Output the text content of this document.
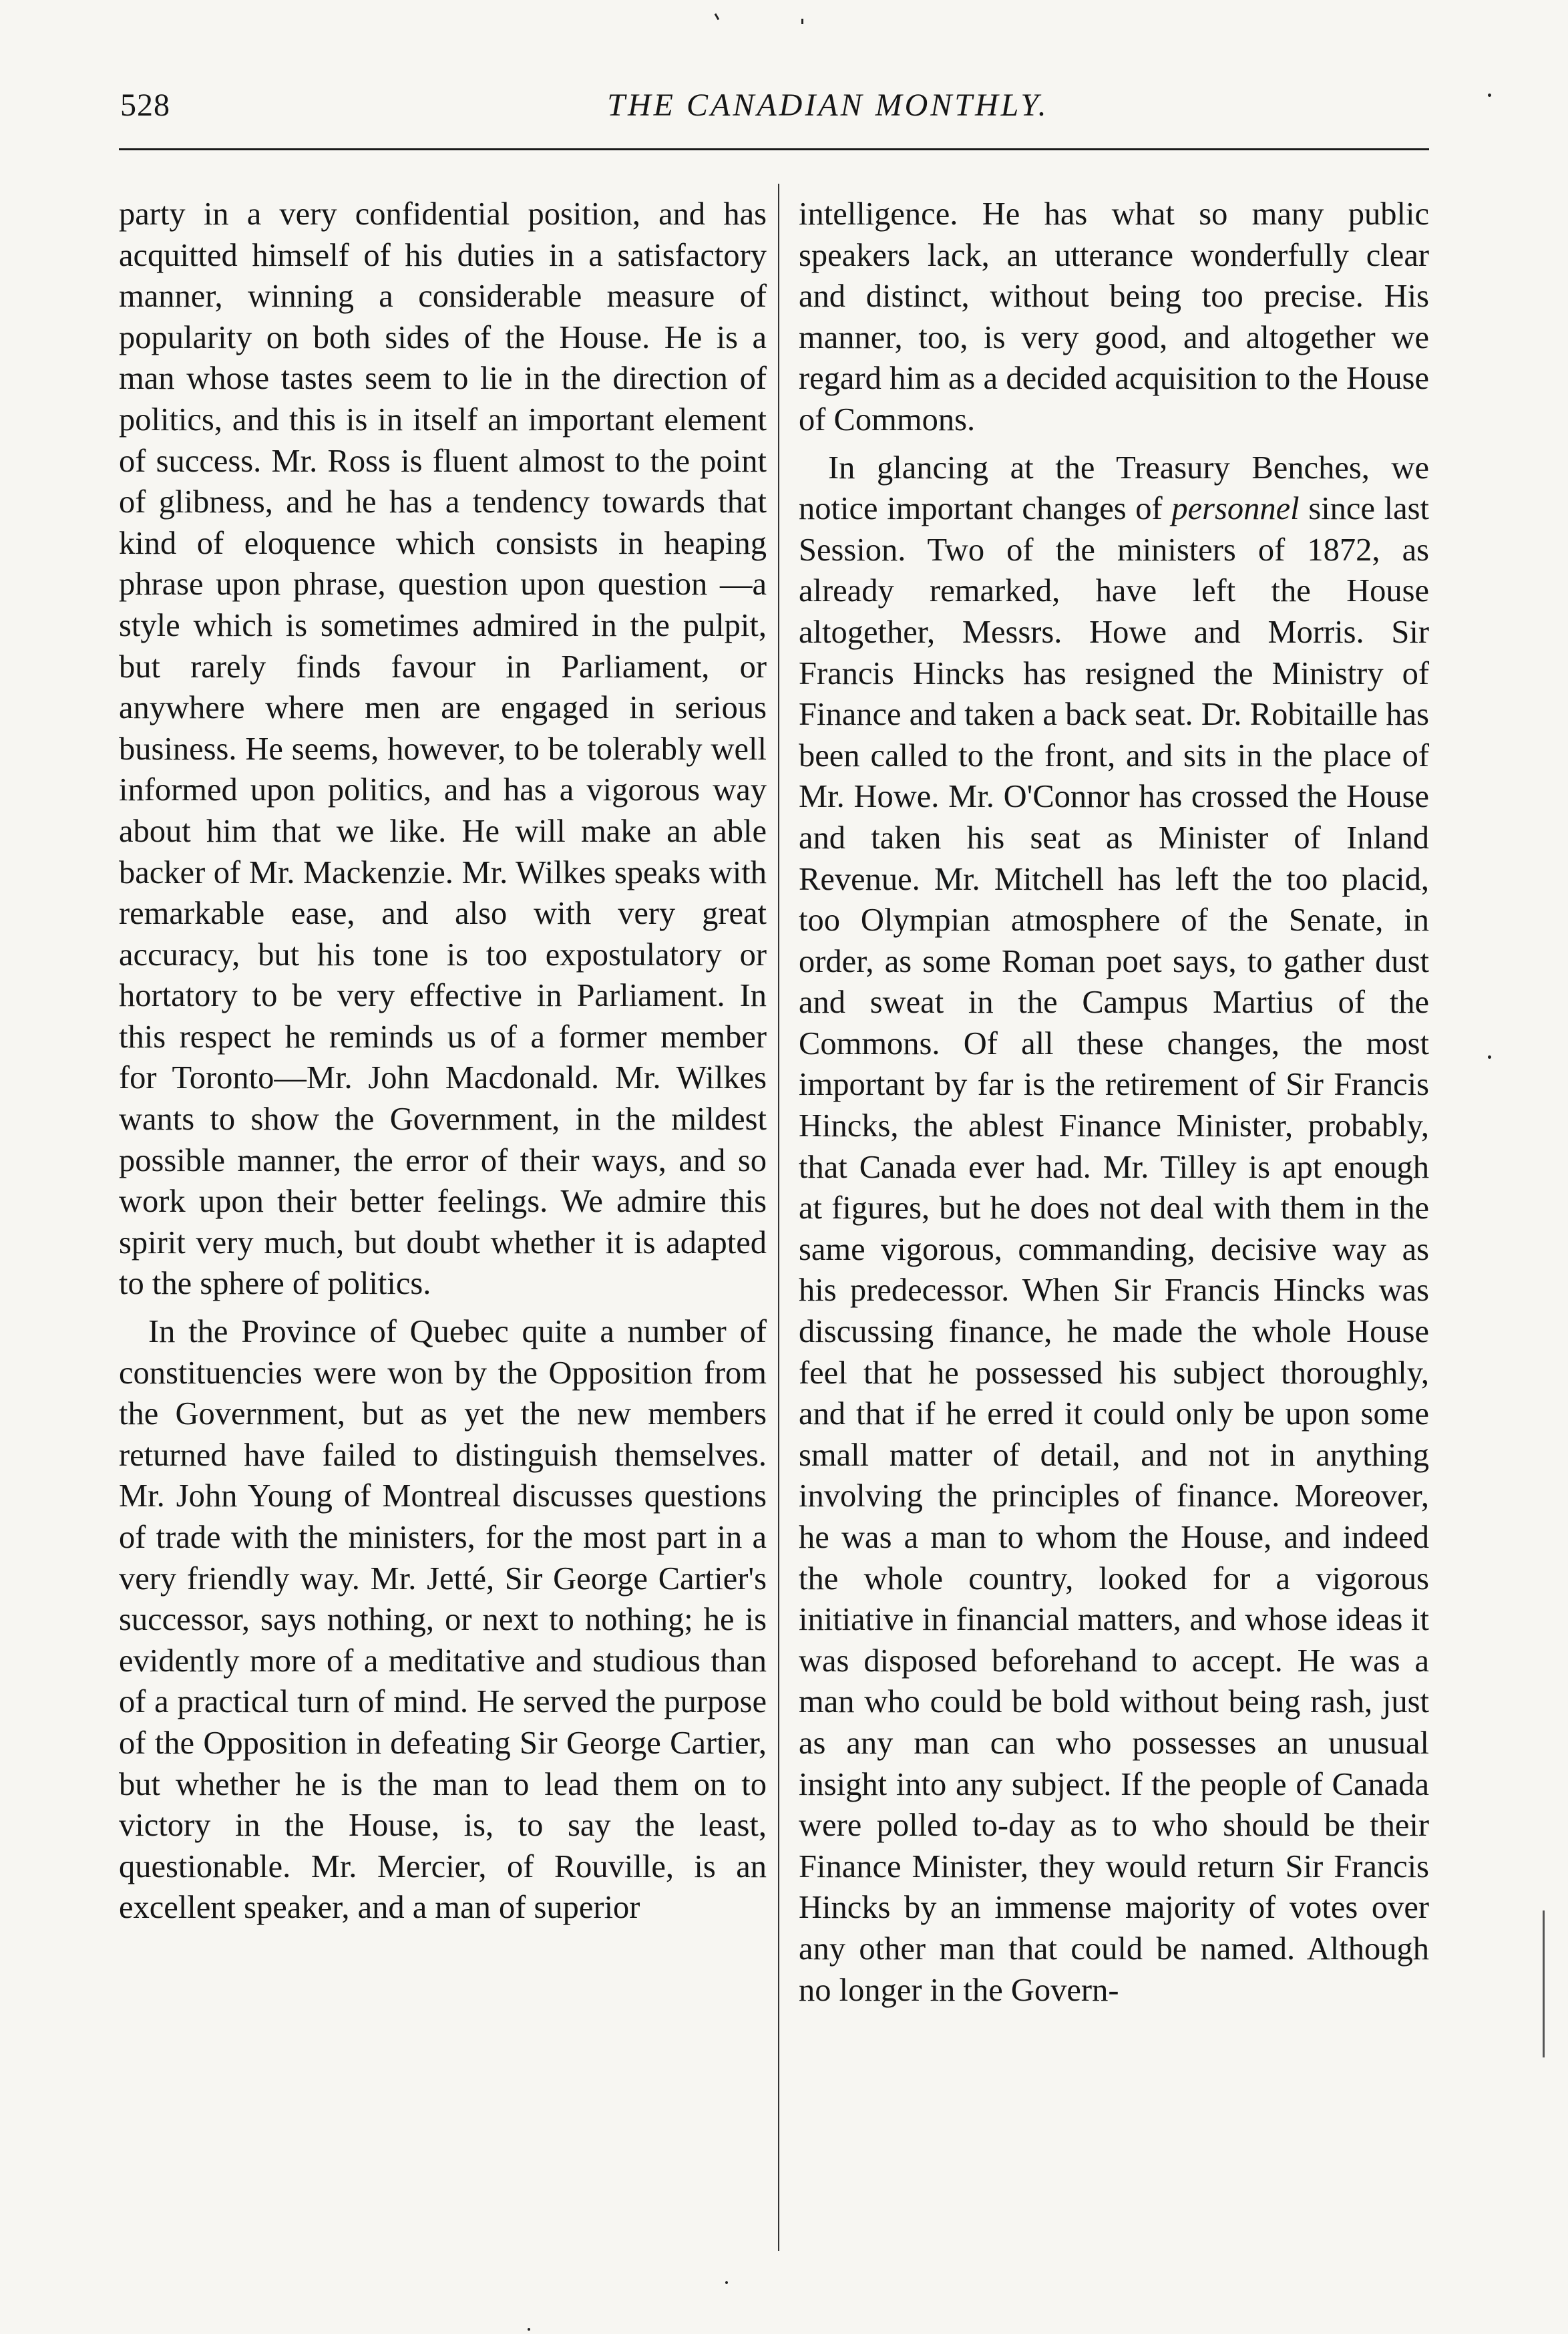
528	THE CANADIAN MONTHLY.

party in a very confidential position, and has acquitted himself of his duties in a satisfactory manner, winning a considerable measure of popularity on both sides of the House. He is a man whose tastes seem to lie in the direction of politics, and this is in itself an important element of success. Mr. Ross is fluent almost to the point of glibness, and he has a tendency towards that kind of eloquence which consists in heaping phrase upon phrase, question upon question —a style which is sometimes admired in the pulpit, but rarely finds favour in Parliament, or anywhere where men are engaged in serious business. He seems, however, to be tolerably well informed upon politics, and has a vigorous way about him that we like. He will make an able backer of Mr. Mackenzie. Mr. Wilkes speaks with remarkable ease, and also with very great accuracy, but his tone is too expostulatory or hortatory to be very effective in Parliament. In this respect he reminds us of a former member for Toronto—Mr. John Macdonald. Mr. Wilkes wants to show the Government, in the mildest possible manner, the error of their ways, and so work upon their better feelings. We admire this spirit very much, but doubt whether it is adapted to the sphere of politics.

In the Province of Quebec quite a number of constituencies were won by the Opposition from the Government, but as yet the new members returned have failed to distinguish themselves. Mr. John Young of Montreal discusses questions of trade with the ministers, for the most part in a very friendly way. Mr. Jetté, Sir George Cartier's successor, says nothing, or next to nothing; he is evidently more of a meditative and studious than of a practical turn of mind. He served the purpose of the Opposition in defeating Sir George Cartier, but whether he is the man to lead them on to victory in the House, is, to say the least, questionable. Mr. Mercier, of Rouville, is an excellent speaker, and a man of superior

intelligence. He has what so many public speakers lack, an utterance wonderfully clear and distinct, without being too precise. His manner, too, is very good, and altogether we regard him as a decided acquisition to the House of Commons.

In glancing at the Treasury Benches, we notice important changes of personnel since last Session. Two of the ministers of 1872, as already remarked, have left the House altogether, Messrs. Howe and Morris. Sir Francis Hincks has resigned the Ministry of Finance and taken a back seat. Dr. Robitaille has been called to the front, and sits in the place of Mr. Howe. Mr. O'Connor has crossed the House and taken his seat as Minister of Inland Revenue. Mr. Mitchell has left the too placid, too Olympian atmosphere of the Senate, in order, as some Roman poet says, to gather dust and sweat in the Campus Martius of the Commons. Of all these changes, the most important by far is the retirement of Sir Francis Hincks, the ablest Finance Minister, probably, that Canada ever had. Mr. Tilley is apt enough at figures, but he does not deal with them in the same vigorous, commanding, decisive way as his predecessor. When Sir Francis Hincks was discussing finance, he made the whole House feel that he possessed his subject thoroughly, and that if he erred it could only be upon some small matter of detail, and not in anything involving the principles of finance. Moreover, he was a man to whom the House, and indeed the whole country, looked for a vigorous initiative in financial matters, and whose ideas it was disposed beforehand to accept. He was a man who could be bold without being rash, just as any man can who possesses an unusual insight into any subject. If the people of Canada were polled to-day as to who should be their Finance Minister, they would return Sir Francis Hincks by an immense majority of votes over any other man that could be named. Although no longer in the Govern-
